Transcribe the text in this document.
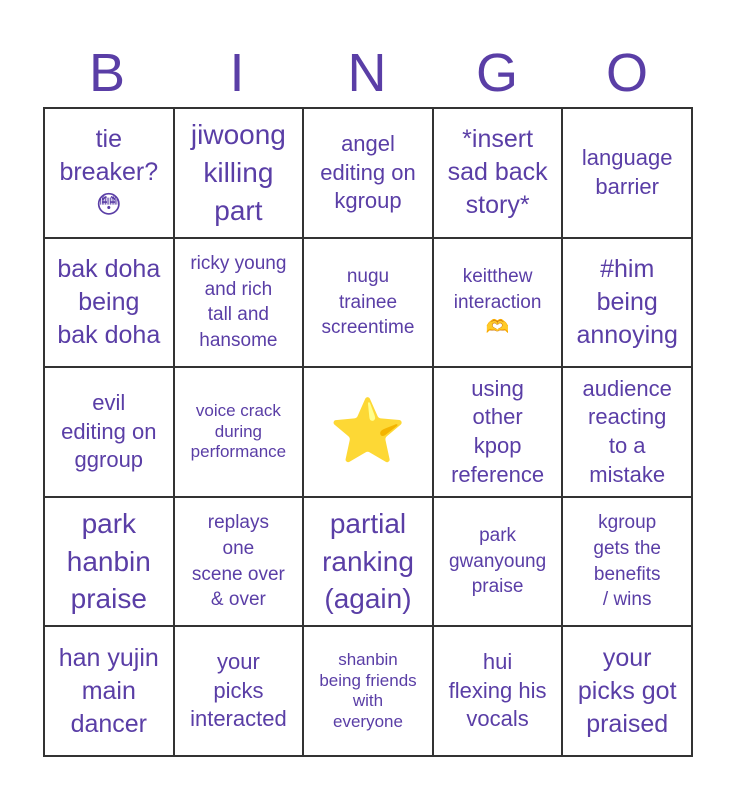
B	I	N	G	O
tie
breaker?
😳
jiwoong
killing
part
angel
editing on
kgroup
*insert
sad back
story*
language
barrier
bak doha
being
bak doha
ricky young
and rich
tall and
hansome
nugu
trainee
screentime
keitthew
interaction
🫶
#him
being
annoying
evil
editing on
ggroup
voice crack
during
performance ⭐
using
other
kpop
reference
audience
reacting
to a
mistake
park
hanbin
praise
replays
one
scene over
& over
partial
ranking
(again)
park
gwanyoung
praise
kgroup
gets the
benefits
/ wins
han yujin
main
dancer
your
picks
interacted
shanbin
being friends
with
everyone
hui
flexing his
vocals
your
picks got
praised
